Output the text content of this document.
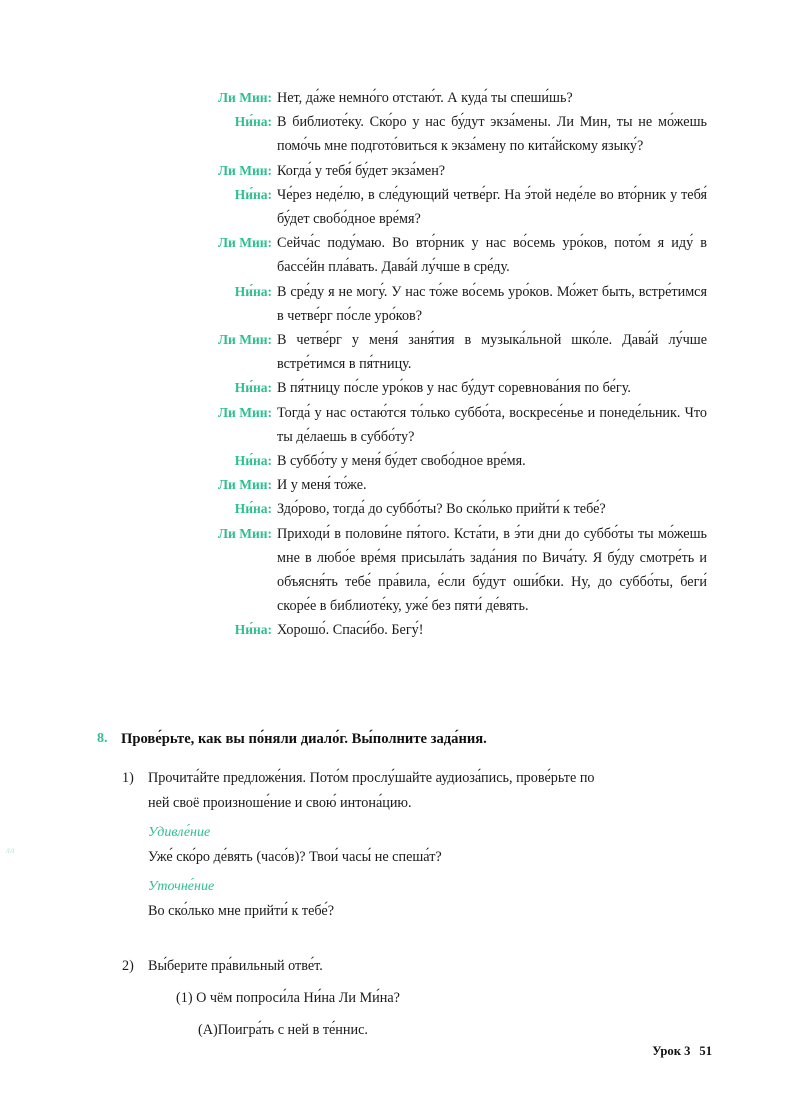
лл
Ли Мин: Нет, да́же немно́го отстаю́т. А куда́ ты спеши́шь?
Ни́на: В библиоте́ку. Ско́ро у нас бу́дут экза́мены. Ли Мин, ты не мо́жешь помо́чь мне подгото́виться к экза́мену по кита́йскому языку́?
Ли Мин: Когда́ у тебя́ бу́дет экза́мен?
Ни́на: Че́рез неде́лю, в сле́дующий четве́рг. На э́той неде́ле во вто́рник у тебя́ бу́дет свобо́дное вре́мя?
Ли Мин: Сейча́с поду́маю. Во вто́рник у нас во́семь уро́ков, пото́м я иду́ в бассе́йн пла́вать. Дава́й лу́чше в сре́ду.
Ни́на: В сре́ду я не могу́. У нас то́же во́семь уро́ков. Мо́жет быть, встре́тимся в четве́рг по́сле уро́ков?
Ли Мин: В четве́рг у меня́ заня́тия в музыка́льной шко́ле. Дава́й лу́чше встре́тимся в пя́тницу.
Ни́на: В пя́тницу по́сле уро́ков у нас бу́дут соревнова́ния по бе́гу.
Ли Мин: Тогда́ у нас остаю́тся то́лько суббо́та, воскресе́нье и понеде́льник. Что ты де́лаешь в суббо́ту?
Ни́на: В суббо́ту у меня́ бу́дет свобо́дное вре́мя.
Ли Мин: И у меня́ то́же.
Ни́на: Здо́рово, тогда́ до суббо́ты? Во ско́лько прийти́ к тебе́?
Ли Мин: Приходи́ в полови́не пя́того. Кста́ти, в э́ти дни до суббо́ты ты мо́жешь мне в любо́е вре́мя присыла́ть зада́ния по Вича́ту. Я бу́ду смотре́ть и объясня́ть тебе́ пра́вила, е́сли бу́дут оши́бки. Ну, до суббо́ты, беги́ скоре́е в библиоте́ку, уже́ без пяти́ де́вять.
Ни́на: Хорошо́. Спаси́бо. Бегу́!
8. Прове́рьте, как вы по́няли диало́г. Вы́полните зада́ния.
1) Прочита́йте предложе́ния. Пото́м прослу́шайте аудиоза́пись, прове́рьте по ней своё произноше́ние и свою́ интона́цию.
Удивле́ние
Уже́ ско́ро де́вять (часо́в)? Твои́ часы́ не спеша́т?
Уточне́ние
Во ско́лько мне прийти́ к тебе́?
2) Вы́берите пра́вильный отве́т.
(1) О чём попроси́ла Ни́на Ли Ми́на?
(A)Поигра́ть с ней в те́ннис.
Урок 3 51
